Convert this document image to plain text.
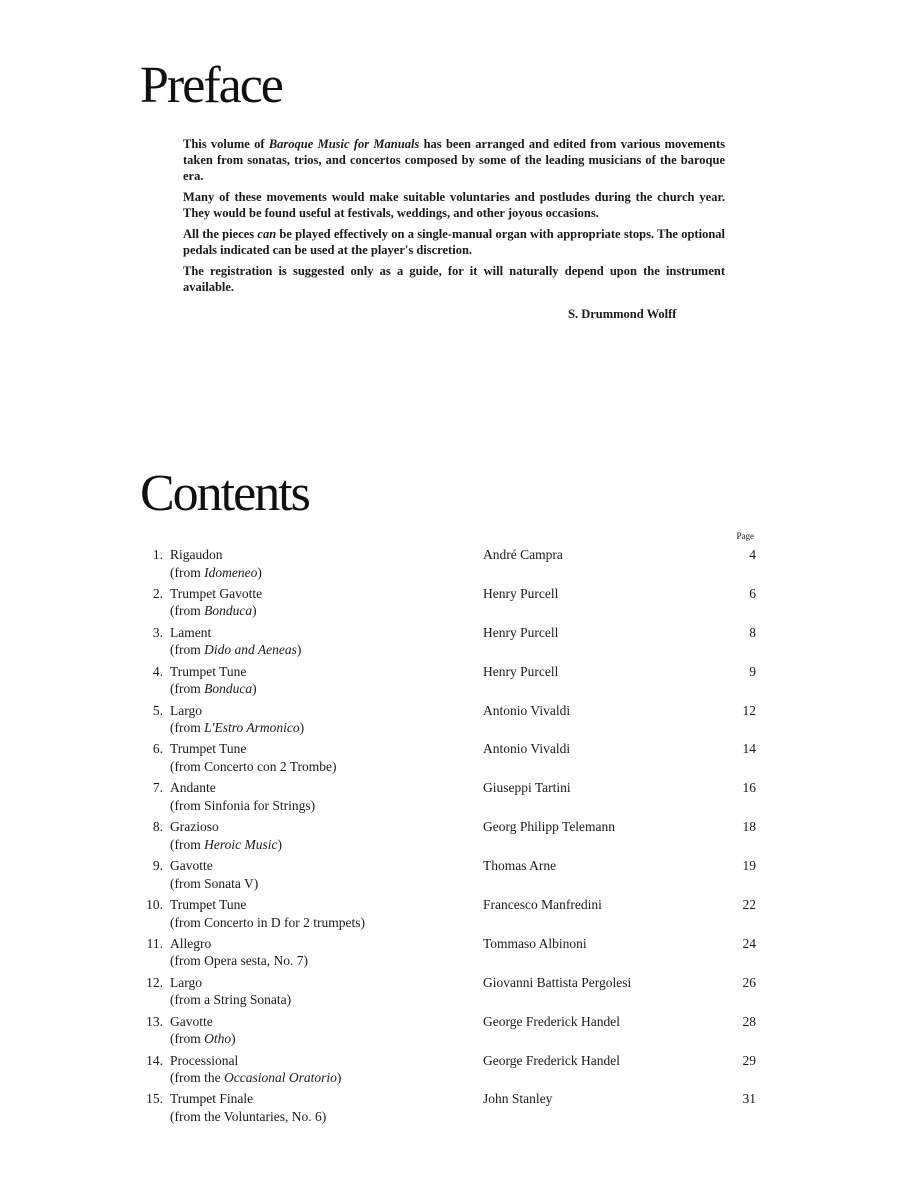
Preface

This volume of Baroque Music for Manuals has been arranged and edited from various movements taken from sonatas, trios, and concertos composed by some of the leading musicians of the baroque era.

Many of these movements would make suitable voluntaries and postludes during the church year. They would be found useful at festivals, weddings, and other joyous occasions.

All the pieces can be played effectively on a single-manual organ with appropriate stops. The optional pedals indicated can be used at the player's discretion.

The registration is suggested only as a guide, for it will naturally depend upon the instrument available.

S. Drummond Wolff
Contents
Page
1. Rigaudon
(from Idomeneo)
André Campra	4
2. Trumpet Gavotte
(from Bonduca)
Henry Purcell	6
3. Lament
(from Dido and Aeneas)
Henry Purcell	8
4. Trumpet Tune
(from Bonduca)
Henry Purcell	9
5. Largo
(from L'Estro Armonico)
Antonio Vivaldi	12
6. Trumpet Tune
(from Concerto con 2 Trombe)
Antonio Vivaldi	14
7. Andante
(from Sinfonia for Strings)
Giuseppi Tartini	16
8. Grazioso
(from Heroic Music)
Georg Philipp Telemann	18
9. Gavotte
(from Sonata V)
Thomas Arne	19
10. Trumpet Tune
(from Concerto in D for 2 trumpets)
Francesco Manfredini	22
11. Allegro
(from Opera sesta, No. 7)
Tommaso Albinoni	24
12. Largo
(from a String Sonata)
Giovanni Battista Pergolesi	26
13. Gavotte
(from Otho)
George Frederick Handel	28
14. Processional
(from the Occasional Oratorio)
George Frederick Handel	29
15. Trumpet Finale
(from the Voluntaries, No. 6)
John Stanley	31
